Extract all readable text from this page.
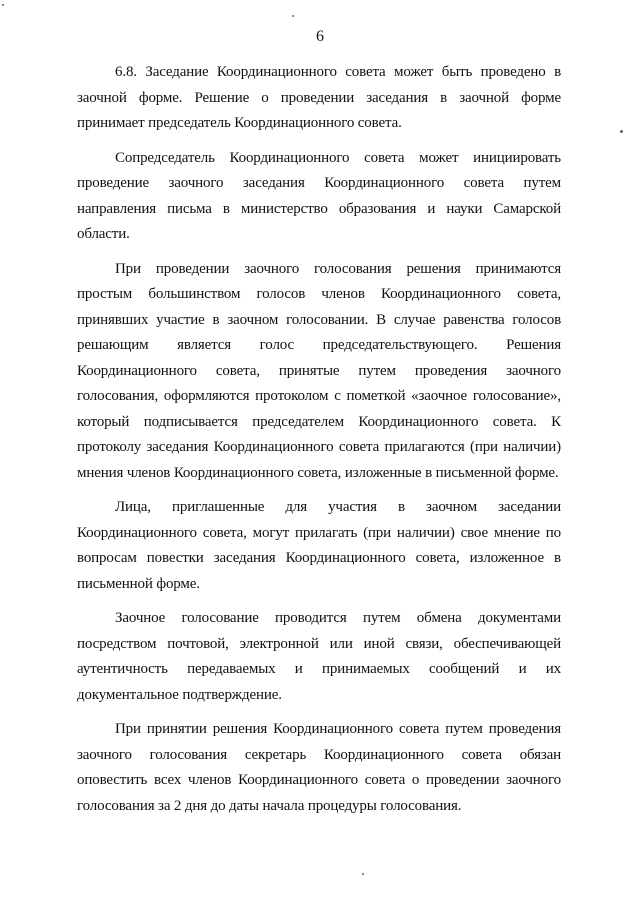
6

6.8. Заседание Координационного совета может быть проведено в заочной форме. Решение о проведении заседания в заочной форме принимает председатель Координационного совета.

Сопредседатель Координационного совета может инициировать проведение заочного заседания Координационного совета путем направления письма в министерство образования и науки Самарской области.

При проведении заочного голосования решения принимаются простым большинством голосов членов Координационного совета, принявших участие в заочном голосовании. В случае равенства голосов решающим является голос председательствующего. Решения Координационного совета, принятые путем проведения заочного голосования, оформляются протоколом с пометкой «заочное голосование», который подписывается председателем Координационного совета. К протоколу заседания Координационного совета прилагаются (при наличии) мнения членов Координационного совета, изложенные в письменной форме.

Лица, приглашенные для участия в заочном заседании Координационного совета, могут прилагать (при наличии) свое мнение по вопросам повестки заседания Координационного совета, изложенное в письменной форме.

Заочное голосование проводится путем обмена документами посредством почтовой, электронной или иной связи, обеспечивающей аутентичность передаваемых и принимаемых сообщений и их документальное подтверждение.

При принятии решения Координационного совета путем проведения заочного голосования секретарь Координационного совета обязан оповестить всех членов Координационного совета о проведении заочного голосования за 2 дня до даты начала процедуры голосования.
